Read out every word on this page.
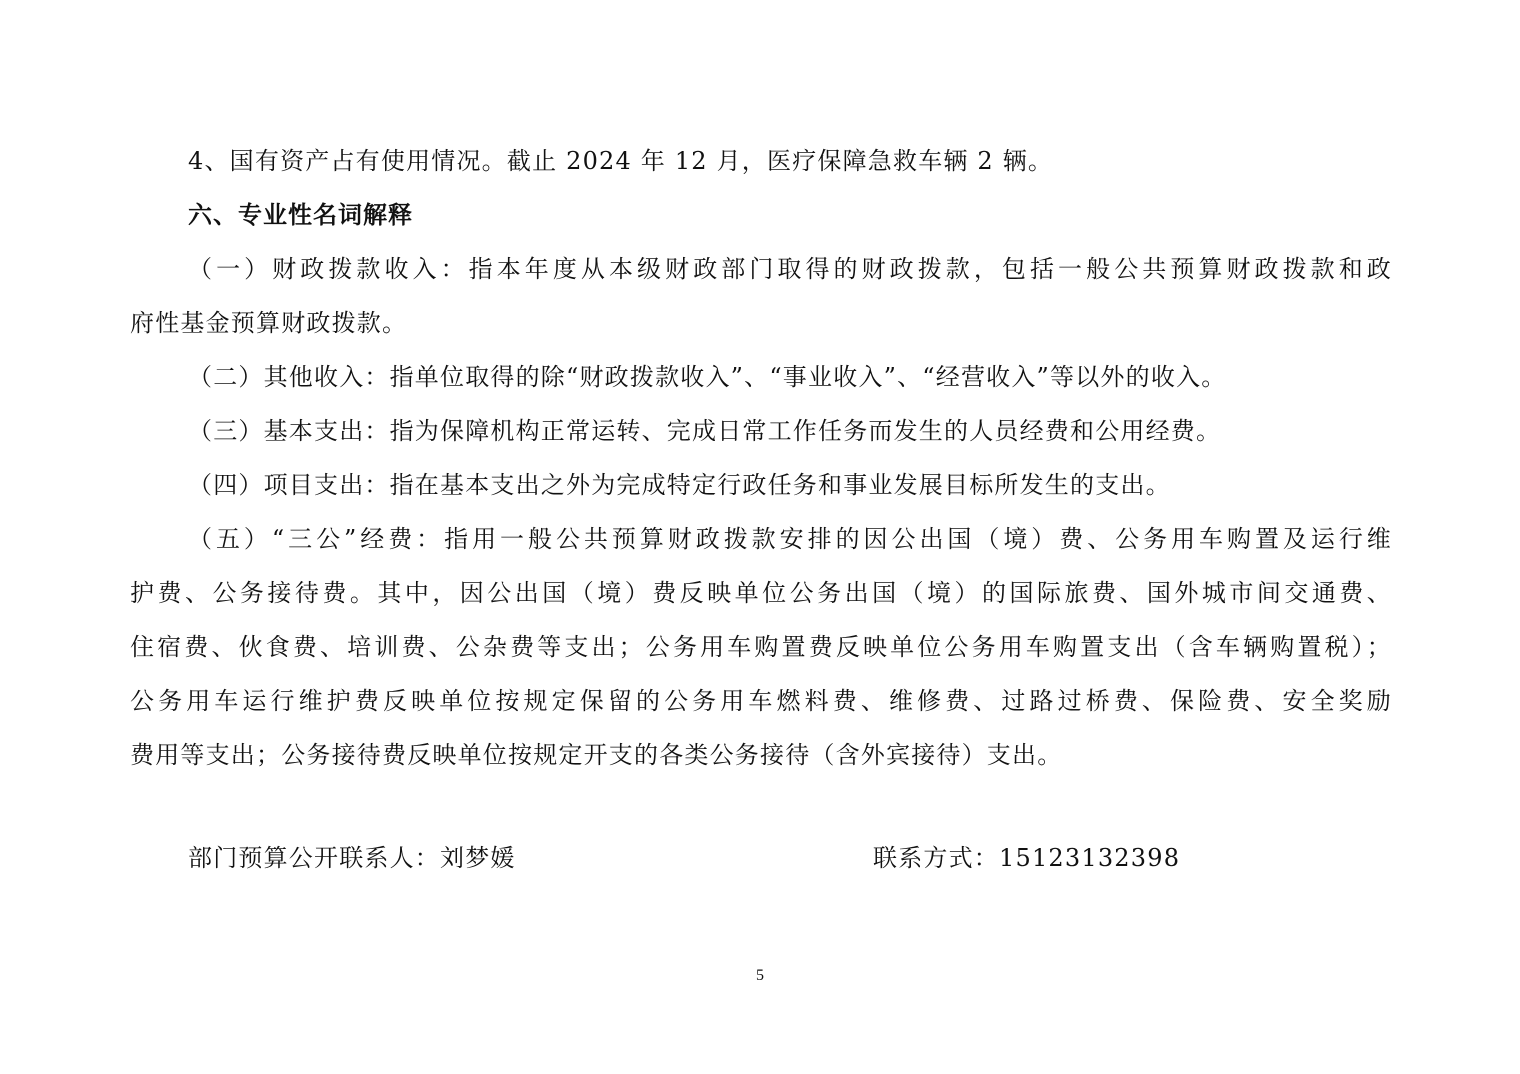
4、国有资产占有使用情况。截止 2024 年 12 月，医疗保障急救车辆 2 辆。
六、专业性名词解释
（一）财政拨款收入：指本年度从本级财政部门取得的财政拨款，包括一般公共预算财政拨款和政
府性基金预算财政拨款。
（二）其他收入：指单位取得的除“财政拨款收入”、“事业收入”、“经营收入”等以外的收入。
（三）基本支出：指为保障机构正常运转、完成日常工作任务而发生的人员经费和公用经费。
（四）项目支出：指在基本支出之外为完成特定行政任务和事业发展目标所发生的支出。
（五）“三公”经费：指用一般公共预算财政拨款安排的因公出国（境）费、公务用车购置及运行维
护费、公务接待费。其中，因公出国（境）费反映单位公务出国（境）的国际旅费、国外城市间交通费、
住宿费、伙食费、培训费、公杂费等支出；公务用车购置费反映单位公务用车购置支出（含车辆购置税）；
公务用车运行维护费反映单位按规定保留的公务用车燃料费、维修费、过路过桥费、保险费、安全奖励
费用等支出；公务接待费反映单位按规定开支的各类公务接待（含外宾接待）支出。
部门预算公开联系人：刘梦媛	联系方式：15123132398
5
